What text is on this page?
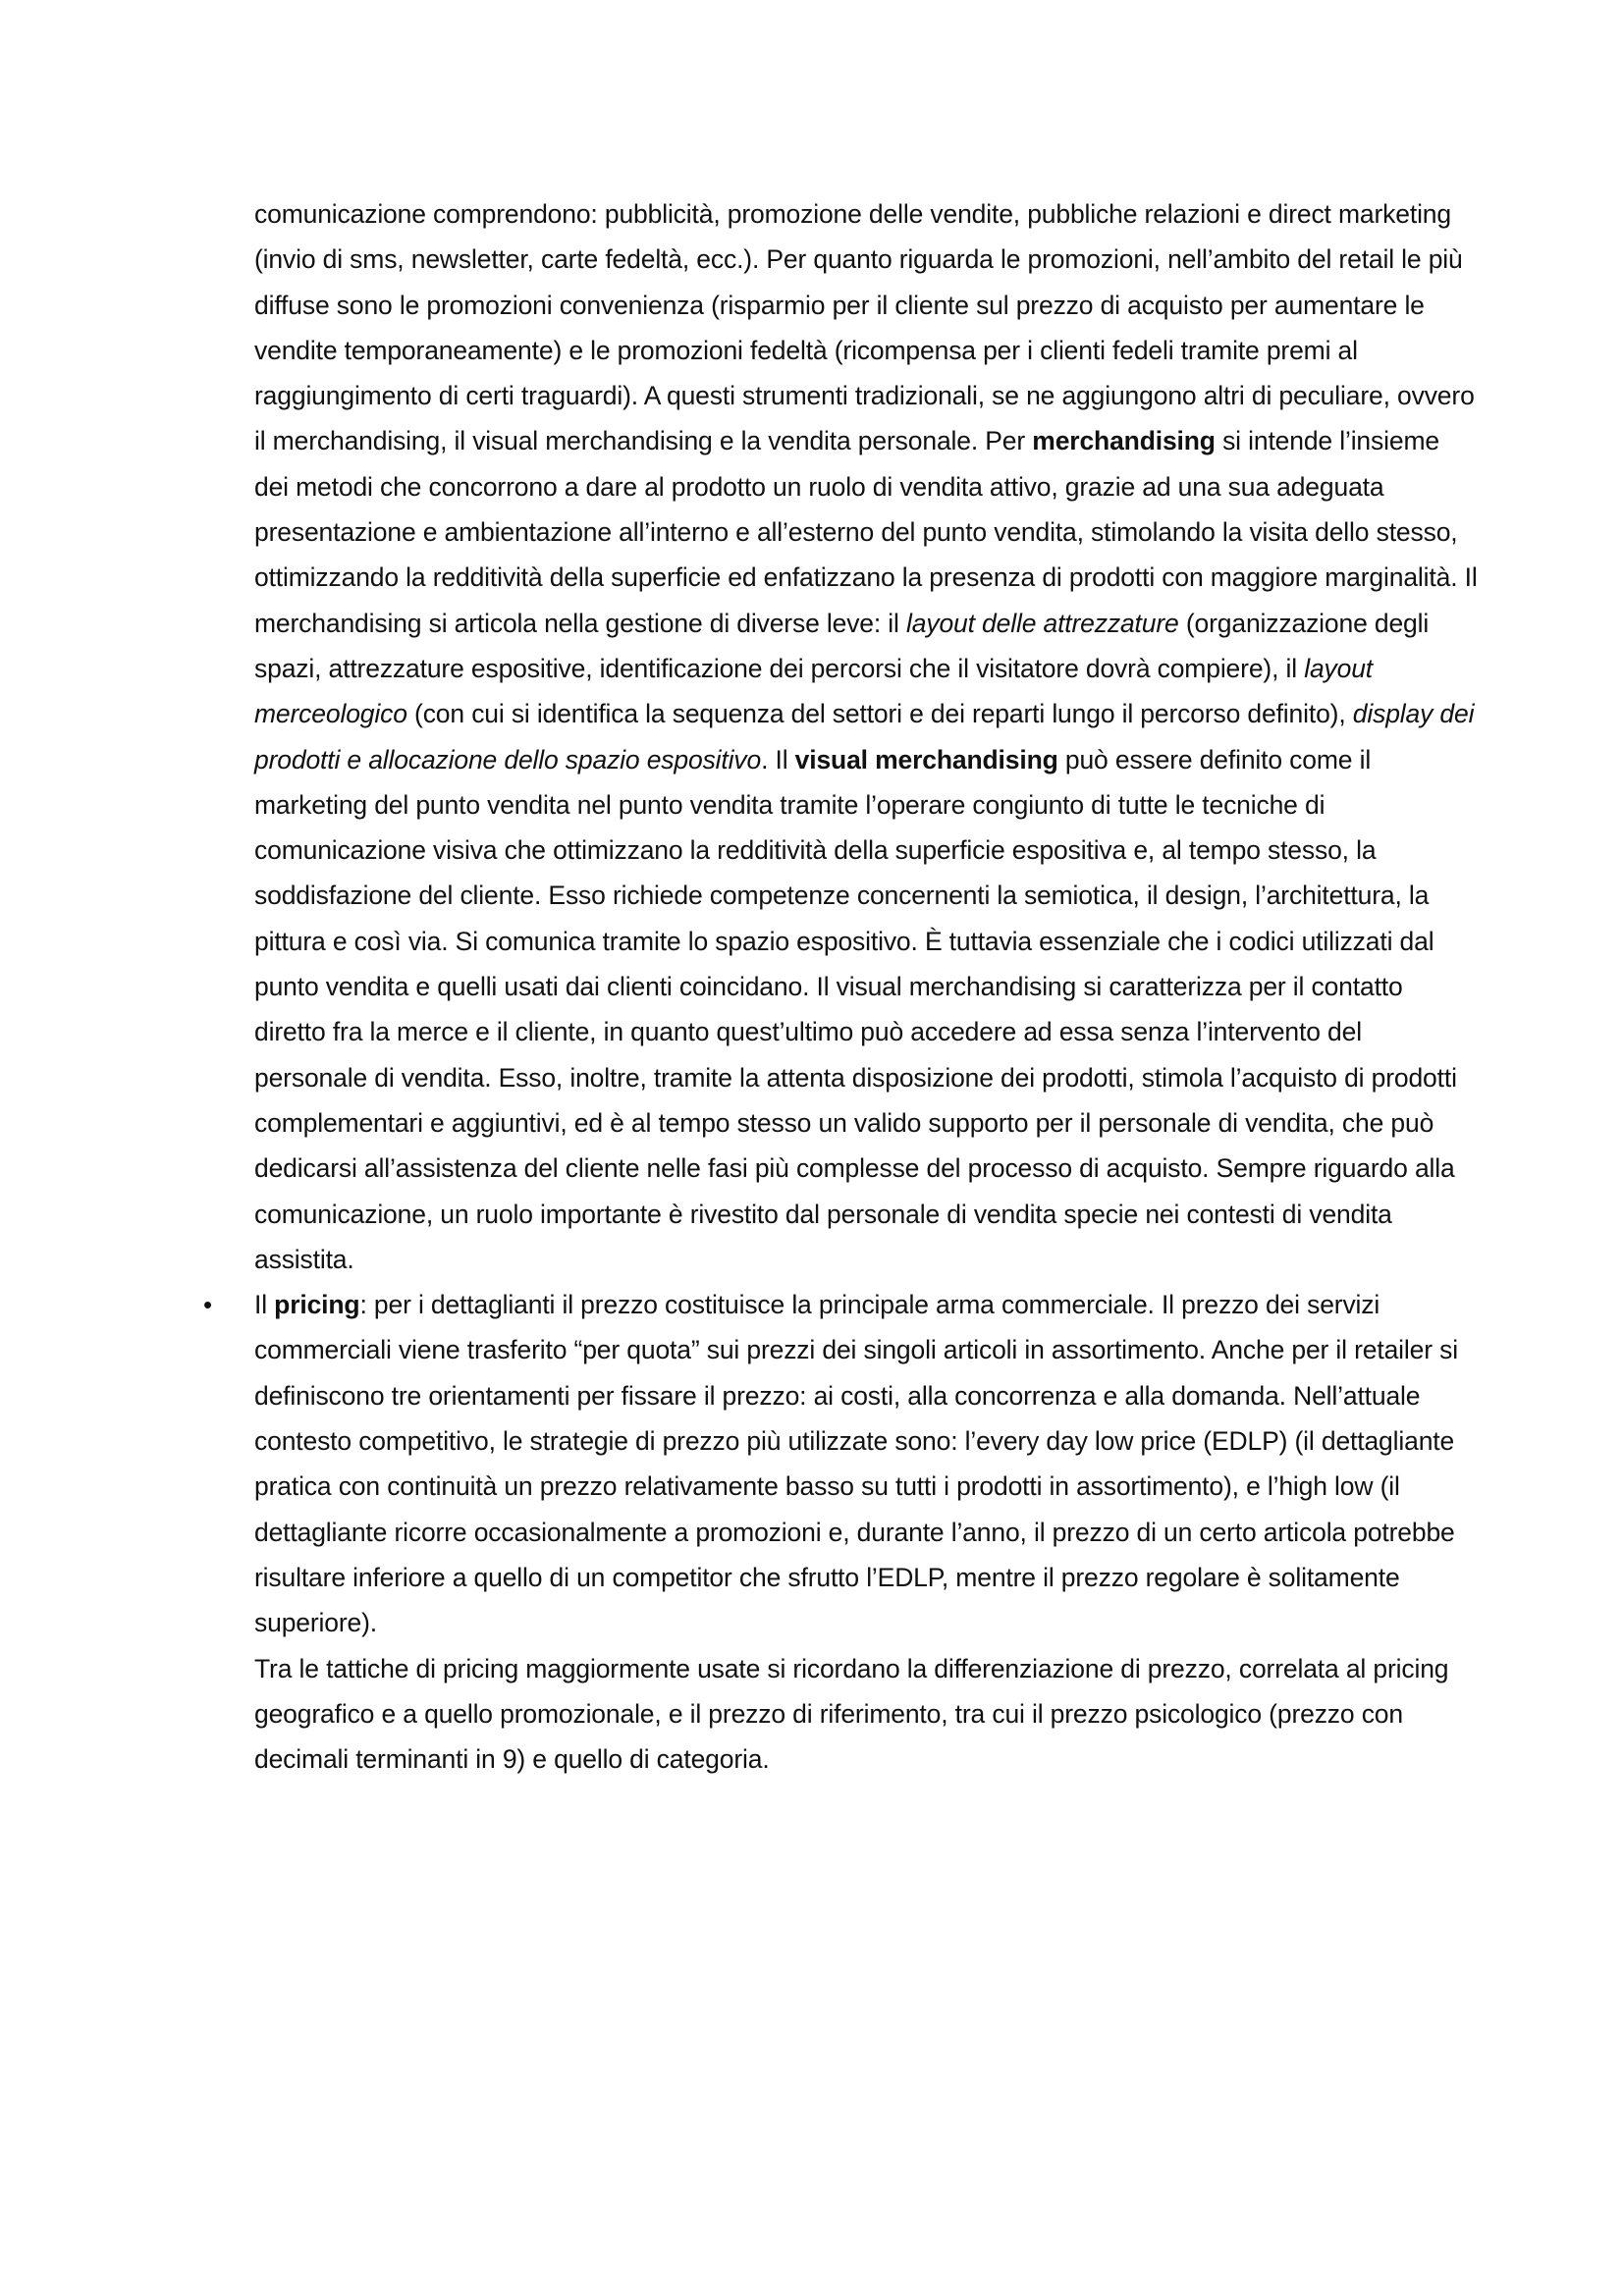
comunicazione comprendono: pubblicità, promozione delle vendite, pubbliche relazioni e direct marketing (invio di sms, newsletter, carte fedeltà, ecc.). Per quanto riguarda le promozioni, nell’ambito del retail le più diffuse sono le promozioni convenienza (risparmio per il cliente sul prezzo di acquisto per aumentare le vendite temporaneamente) e le promozioni fedeltà (ricompensa per i clienti fedeli tramite premi al raggiungimento di certi traguardi). A questi strumenti tradizionali, se ne aggiungono altri di peculiare, ovvero il merchandising, il visual merchandising e la vendita personale. Per merchandising si intende l’insieme dei metodi che concorrono a dare al prodotto un ruolo di vendita attivo, grazie ad una sua adeguata presentazione e ambientazione all’interno e all’esterno del punto vendita, stimolando la visita dello stesso, ottimizzando la redditività della superficie ed enfatizzano la presenza di prodotti con maggiore marginalità. Il merchandising si articola nella gestione di diverse leve: il layout delle attrezzature (organizzazione degli spazi, attrezzature espositive, identificazione dei percorsi che il visitatore dovrà compiere), il layout merceologico (con cui si identifica la sequenza del settori e dei reparti lungo il percorso definito), display dei prodotti e allocazione dello spazio espositivo. Il visual merchandising può essere definito come il marketing del punto vendita nel punto vendita tramite l’operare congiunto di tutte le tecniche di comunicazione visiva che ottimizzano la redditività della superficie espositiva e, al tempo stesso, la soddisfazione del cliente. Esso richiede competenze concernenti la semiotica, il design, l’architettura, la pittura e così via. Si comunica tramite lo spazio espositivo. È tuttavia essenziale che i codici utilizzati dal punto vendita e quelli usati dai clienti coincidano. Il visual merchandising si caratterizza per il contatto diretto fra la merce e il cliente, in quanto quest’ultimo può accedere ad essa senza l’intervento del personale di vendita. Esso, inoltre, tramite la attenta disposizione dei prodotti, stimola l’acquisto di prodotti complementari e aggiuntivi, ed è al tempo stesso un valido supporto per il personale di vendita, che può dedicarsi all’assistenza del cliente nelle fasi più complesse del processo di acquisto. Sempre riguardo alla comunicazione, un ruolo importante è rivestito dal personale di vendita specie nei contesti di vendita assistita.

• Il pricing: per i dettaglianti il prezzo costituisce la principale arma commerciale. Il prezzo dei servizi commerciali viene trasferito “per quota” sui prezzi dei singoli articoli in assortimento. Anche per il retailer si definiscono tre orientamenti per fissare il prezzo: ai costi, alla concorrenza e alla domanda. Nell’attuale contesto competitivo, le strategie di prezzo più utilizzate sono: l’every day low price (EDLP) (il dettagliante pratica con continuità un prezzo relativamente basso su tutti i prodotti in assortimento), e l’high low (il dettagliante ricorre occasionalmente a promozioni e, durante l’anno, il prezzo di un certo articola potrebbe risultare inferiore a quello di un competitor che sfrutto l’EDLP, mentre il prezzo regolare è solitamente superiore).

Tra le tattiche di pricing maggiormente usate si ricordano la differenziazione di prezzo, correlata al pricing geografico e a quello promozionale, e il prezzo di riferimento, tra cui il prezzo psicologico (prezzo con decimali terminanti in 9) e quello di categoria.
